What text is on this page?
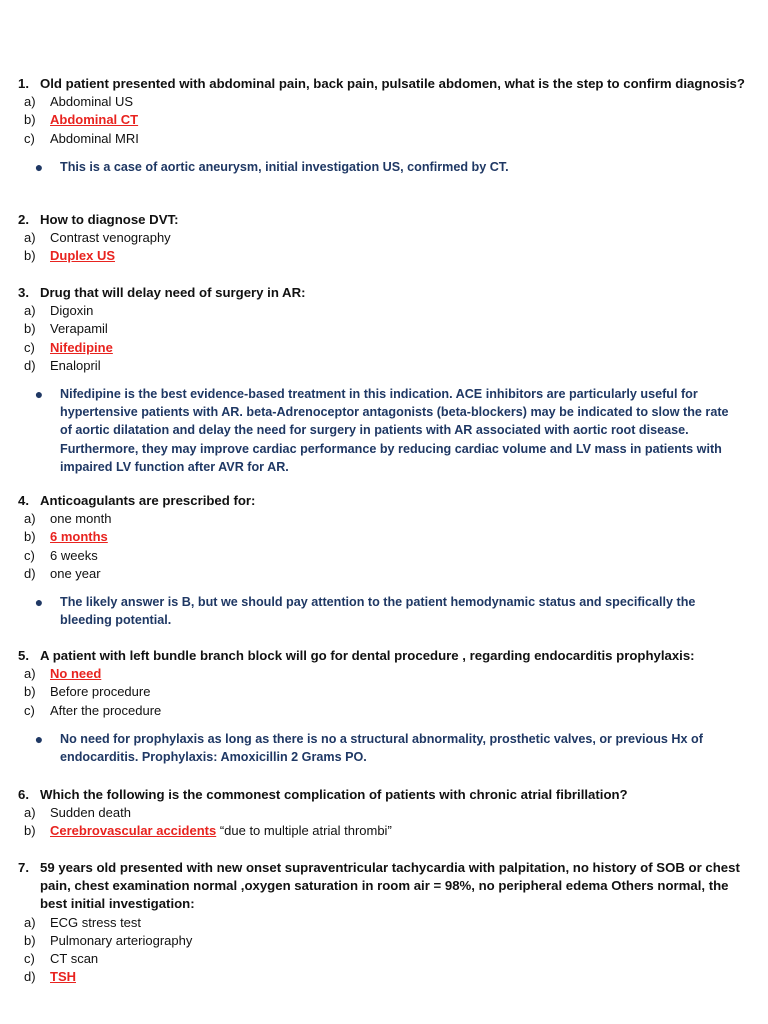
1. Old patient presented with abdominal pain, back pain, pulsatile abdomen, what is the step to confirm diagnosis?
a)	Abdominal US
b)	Abdominal CT
c)	Abdominal MRI
●	This is a case of aortic aneurysm, initial investigation US, confirmed by CT.
2. How to diagnose DVT:
a)	Contrast venography
b)	Duplex US
3. Drug that will delay need of surgery in AR:
a)	Digoxin
b)	Verapamil
c)	Nifedipine
d)	Enalopril
●	Nifedipine is the best evidence-based treatment in this indication. ACE inhibitors are particularly useful for hypertensive patients with AR. beta-Adrenoceptor antagonists (beta-blockers) may be indicated to slow the rate of aortic dilatation and delay the need for surgery in patients with AR associated with aortic root disease. Furthermore, they may improve cardiac performance by reducing cardiac volume and LV mass in patients with impaired LV function after AVR for AR.
4. Anticoagulants are prescribed for:
a)	one month
b)	6 months
c)	6 weeks
d)	one year
●	The likely answer is B, but we should pay attention to the patient hemodynamic status and specifically the bleeding potential.
5. A patient with left bundle branch block will go for dental procedure , regarding endocarditis prophylaxis:
a)	No need
b)	Before procedure
c)	After the procedure
●	No need for prophylaxis as long as there is no a structural abnormality, prosthetic valves, or previous Hx of endocarditis. Prophylaxis: Amoxicillin 2 Grams PO.
6. Which the following is the commonest complication of patients with chronic atrial fibrillation?
a)	Sudden death
b)	Cerebrovascular accidents “due to multiple atrial thrombi”
7. 59 years old presented with new onset supraventricular tachycardia with palpitation, no history of SOB or chest pain, chest examination normal ,oxygen saturation in room air = 98%, no peripheral edema Others normal, the best initial investigation:
a)	ECG stress test
b)	Pulmonary arteriography
c)	CT scan
d)	TSH
